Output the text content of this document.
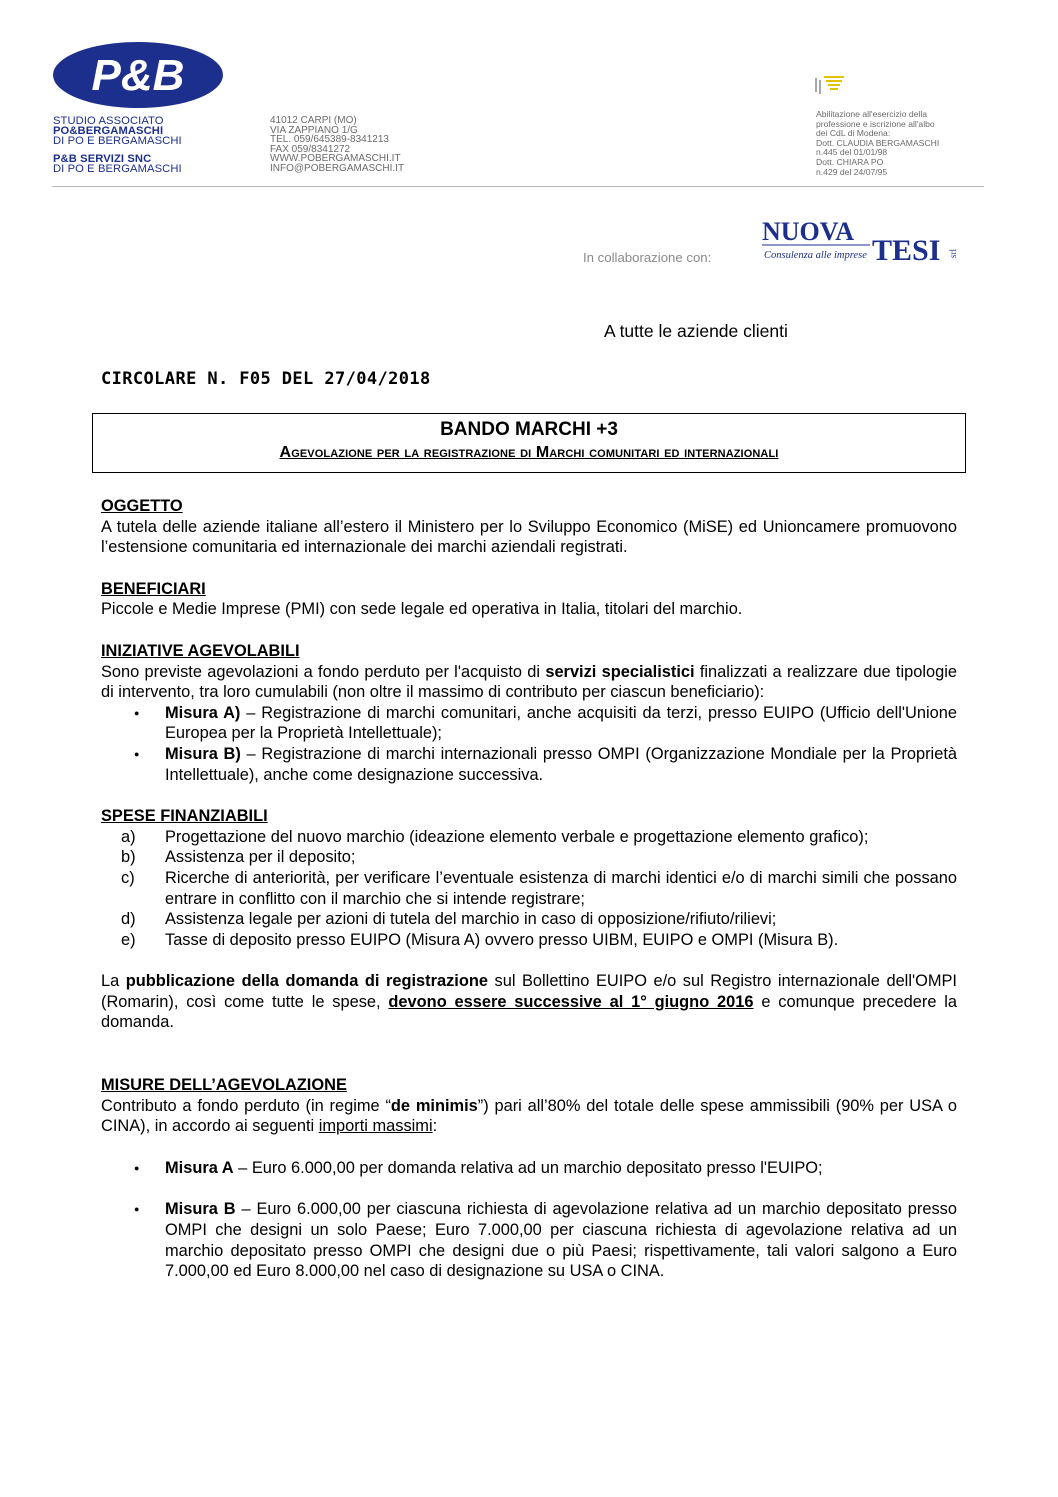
P&B
STUDIO ASSOCIATO
PO&BERGAMASCHI
DI PO E BERGAMASCHI
P&B SERVIZI SNC
DI PO E BERGAMASCHI
41012 CARPI (MO)
VIA ZAPPIANO 1/G
TEL. 059/645389-8341213
FAX 059/8341272
WWW.POBERGAMASCHI.IT
INFO@POBERGAMASCHI.IT
Abilitazione all'esercizio della
professione e iscrizione all'albo
dei CdL di Modena:
Dott. CLAUDIA BERGAMASCHI
n.445 del 01/01/98
Dott. CHIARA PO
n.429 del 24/07/95
In collaborazione con:
NUOVA
Consulenza alle imprese TESI srl
A tutte le aziende clienti
CIRCOLARE N. F05 DEL 27/04/2018
BANDO MARCHI +3
Agevolazione per la registrazione di Marchi comunitari ed internazionali
OGGETTO
A tutela delle aziende italiane all’estero il Ministero per lo Sviluppo Economico (MiSE) ed Unioncamere promuovono l’estensione comunitaria ed internazionale dei marchi aziendali registrati.
BENEFICIARI
Piccole e Medie Imprese (PMI) con sede legale ed operativa in Italia, titolari del marchio.
INIZIATIVE AGEVOLABILI
Sono previste agevolazioni a fondo perduto per l'acquisto di servizi specialistici finalizzati a realizzare due tipologie di intervento, tra loro cumulabili (non oltre il massimo di contributo per ciascun beneficiario):
● Misura A) – Registrazione di marchi comunitari, anche acquisiti da terzi, presso EUIPO (Ufficio dell'Unione Europea per la Proprietà Intellettuale);
● Misura B) – Registrazione di marchi internazionali presso OMPI (Organizzazione Mondiale per la Proprietà Intellettuale), anche come designazione successiva.
SPESE FINANZIABILI
a) Progettazione del nuovo marchio (ideazione elemento verbale e progettazione elemento grafico);
b) Assistenza per il deposito;
c) Ricerche di anteriorità, per verificare l’eventuale esistenza di marchi identici e/o di marchi simili che possano entrare in conflitto con il marchio che si intende registrare;
d) Assistenza legale per azioni di tutela del marchio in caso di opposizione/rifiuto/rilievi;
e) Tasse di deposito presso EUIPO (Misura A) ovvero presso UIBM, EUIPO e OMPI (Misura B).
La pubblicazione della domanda di registrazione sul Bollettino EUIPO e/o sul Registro internazionale dell'OMPI (Romarin), così come tutte le spese, devono essere successive al 1° giugno 2016 e comunque precedere la domanda.
MISURE DELL’AGEVOLAZIONE
Contributo a fondo perduto (in regime “de minimis”) pari all’80% del totale delle spese ammissibili (90% per USA o CINA), in accordo ai seguenti importi massimi:
● Misura A – Euro 6.000,00 per domanda relativa ad un marchio depositato presso l'EUIPO;
● Misura B – Euro 6.000,00 per ciascuna richiesta di agevolazione relativa ad un marchio depositato presso OMPI che designi un solo Paese; Euro 7.000,00 per ciascuna richiesta di agevolazione relativa ad un marchio depositato presso OMPI che designi due o più Paesi; rispettivamente, tali valori salgono a Euro 7.000,00 ed Euro 8.000,00 nel caso di designazione su USA o CINA.
